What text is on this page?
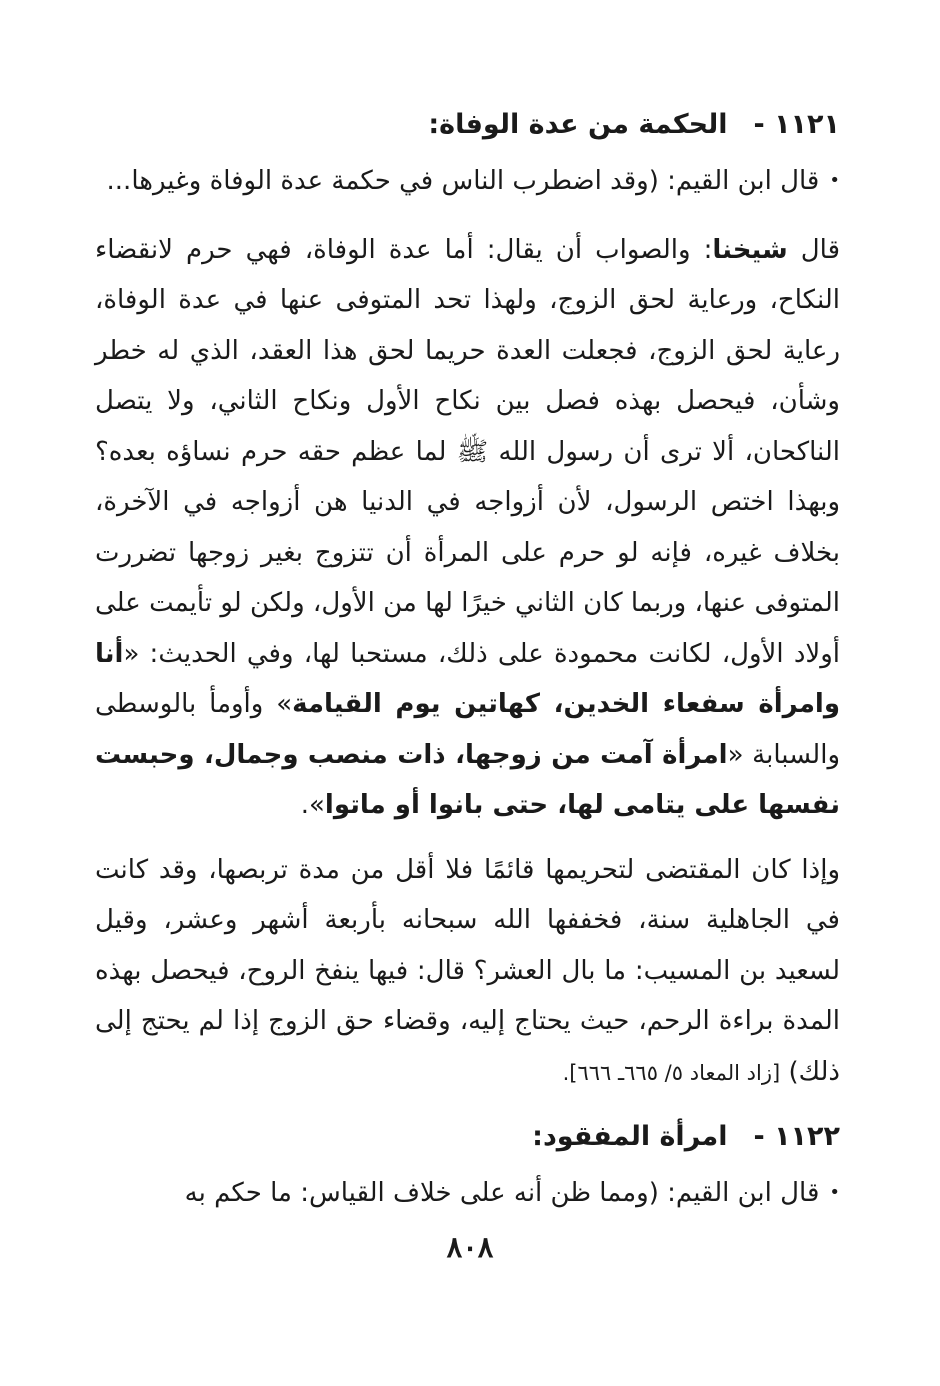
١١٢١ -الحكمة من عدة الوفاة:

•قال ابن القيم: (وقد اضطرب الناس في حكمة عدة الوفاة وغيرها...

قال شيخنا: والصواب أن يقال: أما عدة الوفاة، فهي حرم لانقضاء النكاح، ورعاية لحق الزوج، ولهذا تحد المتوفى عنها في عدة الوفاة، رعاية لحق الزوج، فجعلت العدة حريما لحق هذا العقد، الذي له خطر وشأن، فيحصل بهذه فصل بين نكاح الأول ونكاح الثاني، ولا يتصل الناكحان، ألا ترى أن رسول الله ﷺ لما عظم حقه حرم نساؤه بعده؟ وبهذا اختص الرسول، لأن أزواجه في الدنيا هن أزواجه في الآخرة، بخلاف غيره، فإنه لو حرم على المرأة أن تتزوج بغير زوجها تضررت المتوفى عنها، وربما كان الثاني خيرًا لها من الأول، ولكن لو تأيمت على أولاد الأول، لكانت محمودة على ذلك، مستحبا لها، وفي الحديث: «أنا وامرأة سفعاء الخدين، كهاتين يوم القيامة» وأومأ بالوسطى والسبابة «امرأة آمت من زوجها، ذات منصب وجمال، وحبست نفسها على يتامى لها، حتى بانوا أو ماتوا».

وإذا كان المقتضى لتحريمها قائمًا فلا أقل من مدة تربصها، وقد كانت في الجاهلية سنة، فخففها الله سبحانه بأربعة أشهر وعشر، وقيل لسعيد بن المسيب: ما بال العشر؟ قال: فيها ينفخ الروح، فيحصل بهذه المدة براءة الرحم، حيث يحتاج إليه، وقضاء حق الزوج إذا لم يحتج إلى ذلك) [زاد المعاد ٥/ ٦٦٥ـ ٦٦٦].

١١٢٢ -امرأة المفقود:

•قال ابن القيم: (ومما ظن أنه على خلاف القياس: ما حكم به

٨٠٨
